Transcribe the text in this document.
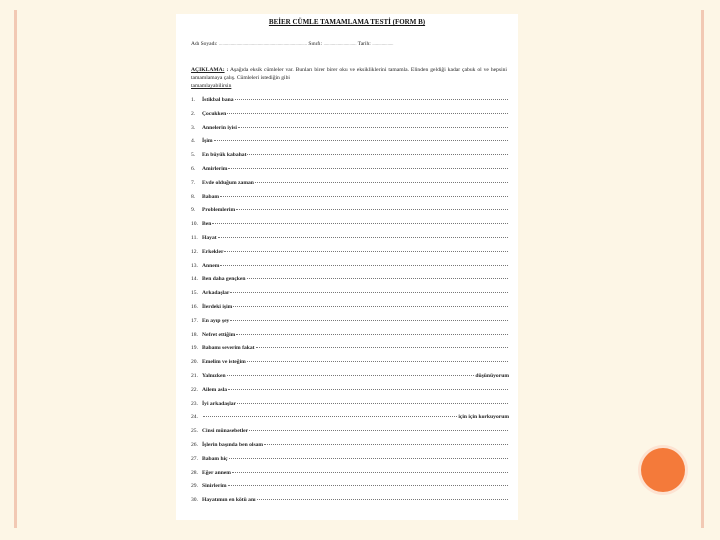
BEİER CÜMLE TAMAMLAMA TESTİ (FORM B)
Adı Soyadı: ........................................................................... Sınıfı: ............................ Tarih: ..................
AÇIKLAMA: : Aşağıda eksik cümleler var. Bunları birer birer oku ve eksikliklerini tamamla. Elinden geldiği kadar çabuk ol ve hepsini tamamlamaya çalış. Cümleleri istediğin gibi
tamamlayabilirsin
1.	İstikbal bana
2.	Çocukken
3.	Annelerin iyisi
4.	İşim
5.	En büyük kabahat
6.	Amirlerim
7.	Evde olduğum zaman
8.	Babam
9.	Problemlerim
10. Ben
11. Hayat
12. Erkekler
13. Annem
14. Ben daha gençken
15. Arkadaşlar
16. İlerdeki işim
17. En ayıp şey
18. Nefret ettiğim
19. Babamı severim fakat
20. Emelim ve isteğim
21. Yalnızken	düşünüyorum
22. Ailem asla
23. İyi arkadaşlar
24.	için için korkuyorum
25. Cinsi münasebetler
26. İşlerin başında ben olsam
27. Babam hiç
28. Eğer annem
29. Sinirlerim
30. Hayatımın en kötü anı
